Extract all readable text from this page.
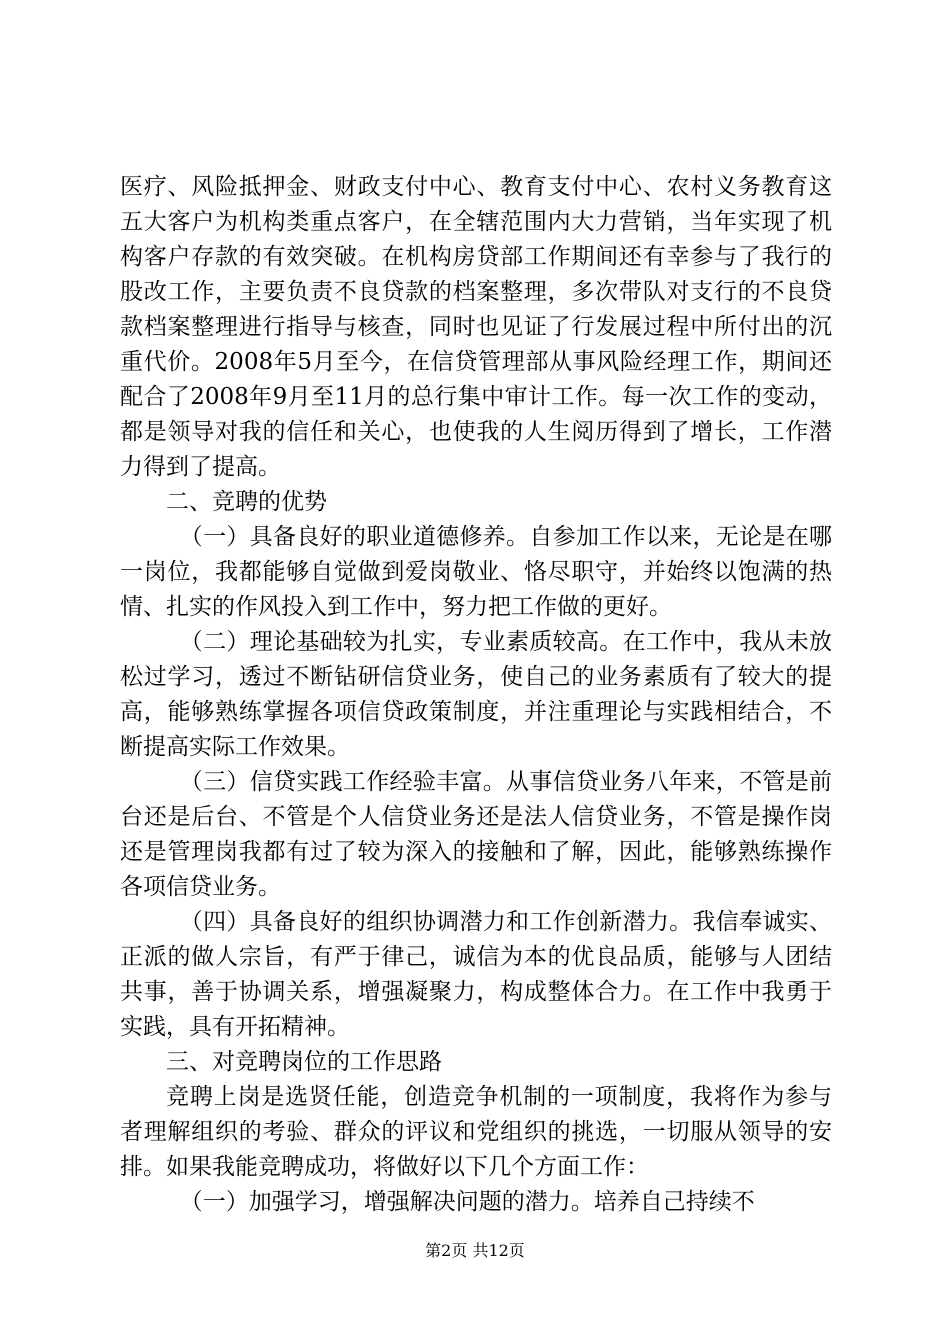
医疗、风险抵押金、财政支付中心、教育支付中心、农村义务教育这五大客户为机构类重点客户，在全辖范围内大力营销，当年实现了机构客户存款的有效突破。在机构房贷部工作期间还有幸参与了我行的股改工作，主要负责不良贷款的档案整理，多次带队对支行的不良贷款档案整理进行指导与核查，同时也见证了行发展过程中所付出的沉重代价。2008年5月至今，在信贷管理部从事风险经理工作，期间还配合了2008年9月至11月的总行集中审计工作。每一次工作的变动，都是领导对我的信任和关心，也使我的人生阅历得到了增长，工作潜力得到了提高。

二、竞聘的优势

（一）具备良好的职业道德修养。自参加工作以来，无论是在哪一岗位，我都能够自觉做到爱岗敬业、恪尽职守，并始终以饱满的热情、扎实的作风投入到工作中，努力把工作做的更好。

（二）理论基础较为扎实，专业素质较高。在工作中，我从未放松过学习，透过不断钻研信贷业务，使自己的业务素质有了较大的提高，能够熟练掌握各项信贷政策制度，并注重理论与实践相结合，不断提高实际工作效果。

（三）信贷实践工作经验丰富。从事信贷业务八年来，不管是前台还是后台、不管是个人信贷业务还是法人信贷业务，不管是操作岗还是管理岗我都有过了较为深入的接触和了解，因此，能够熟练操作各项信贷业务。

（四）具备良好的组织协调潜力和工作创新潜力。我信奉诚实、正派的做人宗旨，有严于律己，诚信为本的优良品质，能够与人团结共事，善于协调关系，增强凝聚力，构成整体合力。在工作中我勇于实践，具有开拓精神。

三、对竞聘岗位的工作思路

竞聘上岗是选贤任能，创造竞争机制的一项制度，我将作为参与者理解组织的考验、群众的评议和党组织的挑选，一切服从领导的安排。如果我能竞聘成功，将做好以下几个方面工作：

（一）加强学习，增强解决问题的潜力。培养自己持续不

第2页 共12页
